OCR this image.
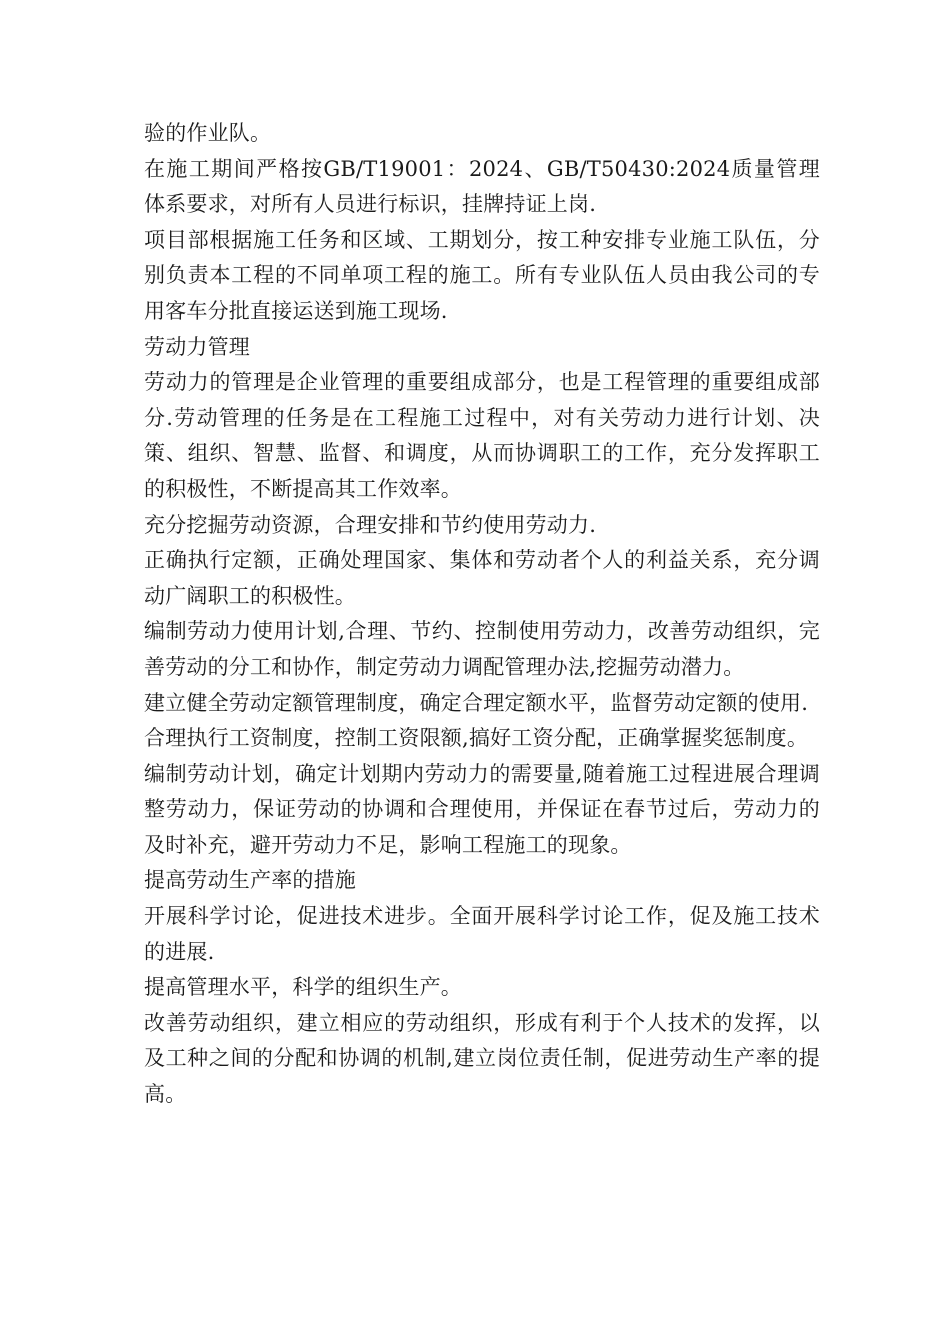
验的作业队。

在施工期间严格按GB/T19001：2024、GB/T50430:2024质量管理体系要求，对所有人员进行标识，挂牌持证上岗.

项目部根据施工任务和区域、工期划分，按工种安排专业施工队伍，分别负责本工程的不同单项工程的施工。所有专业队伍人员由我公司的专用客车分批直接运送到施工现场.

劳动力管理

劳动力的管理是企业管理的重要组成部分，也是工程管理的重要组成部分.劳动管理的任务是在工程施工过程中，对有关劳动力进行计划、决策、组织、智慧、监督、和调度，从而协调职工的工作，充分发挥职工的积极性，不断提高其工作效率。

充分挖掘劳动资源，合理安排和节约使用劳动力.

正确执行定额，正确处理国家、集体和劳动者个人的利益关系，充分调动广阔职工的积极性。

编制劳动力使用计划,合理、节约、控制使用劳动力，改善劳动组织，完善劳动的分工和协作，制定劳动力调配管理办法,挖掘劳动潜力。

建立健全劳动定额管理制度，确定合理定额水平，监督劳动定额的使用.

合理执行工资制度，控制工资限额,搞好工资分配，正确掌握奖惩制度。

编制劳动计划，确定计划期内劳动力的需要量,随着施工过程进展合理调整劳动力，保证劳动的协调和合理使用，并保证在春节过后，劳动力的及时补充，避开劳动力不足，影响工程施工的现象。

提高劳动生产率的措施

开展科学讨论，促进技术进步。全面开展科学讨论工作，促及施工技术的进展.

提高管理水平，科学的组织生产。

改善劳动组织，建立相应的劳动组织，形成有利于个人技术的发挥，以及工种之间的分配和协调的机制,建立岗位责任制，促进劳动生产率的提高。
